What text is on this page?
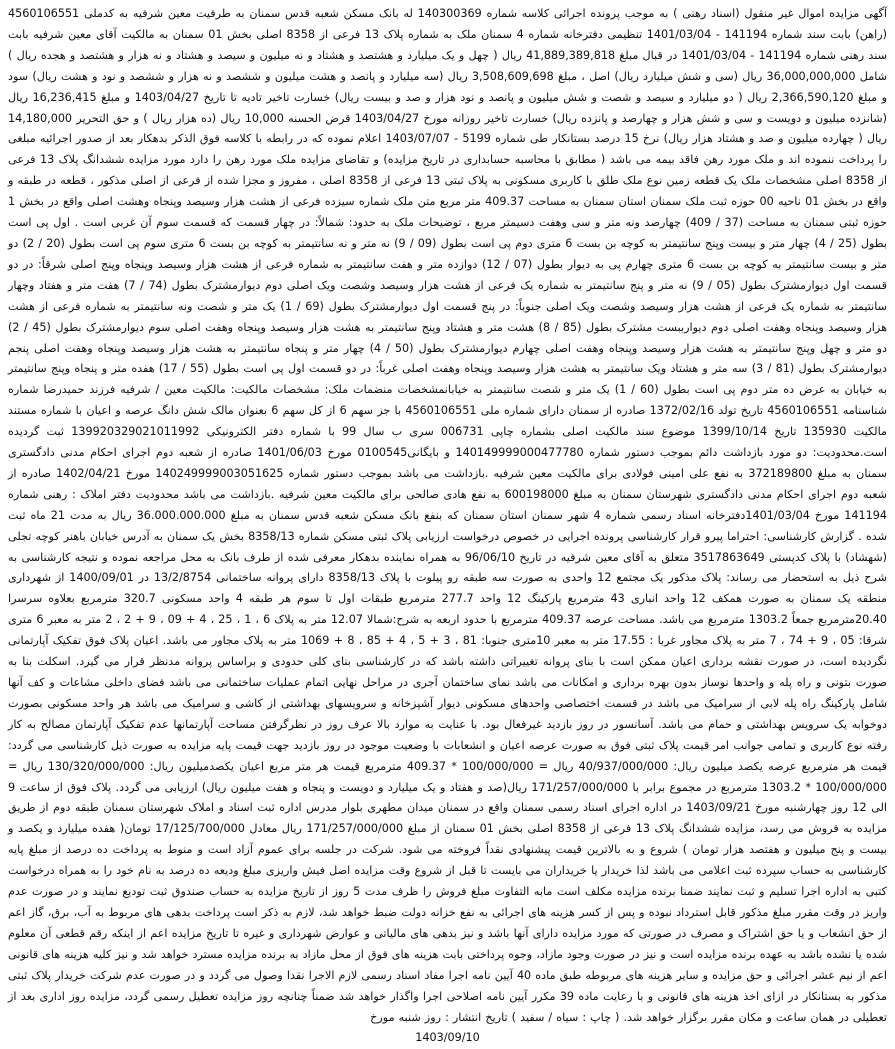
آگهی مزایده اموال غیر منقول (اسناد رهنی ) به موجب پرونده اجرائی کلاسه شماره 140300369 له بانک مسکن شعبه قدس سمنان به طرفیت معین شرفیه به کدملی 4560106551 (راهن) بابت سند شماره 141194 - 1401/03/04 تنظیمی دفترخانه شماره 4 سمنان ملک به شماره پلاک 13 فرعی از 8358 اصلی بخش 01 سمنان به مالکیت آقای معین شرفیه بابت سند رهنی شماره 141194 - 1401/03/04 در قبال مبلغ 41,889,389,818 ریال ( چهل و یک میلیارد و هشتصد و هشتاد و نه میلیون و سیصد و هشتاد و نه هزار و هشتصد و هجده ریال ) شامل 36,000,000,000 ریال (سی و شش میلیارد ریال) اصل ، مبلغ 3,508,609,698 ریال (سه میلیارد و پانصد و هشت میلیون و ششصد و نه هزار و ششصد و نود و هشت ریال) سود و مبلغ 2,366,590,120 ریال ( دو میلیارد و سیصد و شصت و شش میلیون و پانصد و نود هزار و صد و بیست ریال) خسارت تاخیر تادیه تا تاریخ 1403/04/27 و مبلغ 16,236,415 ریال (شانزده میلیون و دویست و سی و شش هزار و چهارصد و پانزده ریال) خسارت تاخیر روزانه مورخ 1403/04/27 قرض الحسنه 10,000 ریال (ده هزار ریال ) و حق التحریر 14,180,000 ریال ( چهارده میلیون و صد و هشتاد هزار ریال) نرخ 15 درصد بستانکار طی شماره 5199 - 1403/07/07 اعلام نموده که در رابطه با کلاسه فوق الذکر بدهکار بعد از صدور اجرائیه مبلغی را پرداخت ننموده اند و ملک مورد رهن فاقد بیمه می باشد ( مطابق با محاسبه حسابداری در تاریخ مزایده) و تقاضای مزایده ملک مورد رهن را دارد مورد مزایده ششدانگ پلاک 13 فرعی از 8358 اصلی مشخصات ملک یک قطعه زمین نوع ملک طلق با کاربری مسکونی به پلاک ثبتی 13 فرعی از 8358 اصلی ، مفروز و مجزا شده از فرعی از اصلی مذکور ، قطعه در طبقه و واقع در بخش 01 ناحیه 00 حوزه ثبت ملک سمنان استان سمنان به مساحت 409.37 متر مربع متن ملک شماره سیزده فرعی از هشت هزار وسیصد وپنجاه وهشت اصلی واقع در بخش 1 حوزه ثبتی سمنان به مساحت (37 / 409) چهارصد ونه متر و سی وهفت دسیمتر مربع ، توضیحات ملک به حدود: شمالاً: در چهار قسمت که قسمت سوم آن غربی است . اول پی است بطول (25 / 4) چهار متر و بیست وپنج سانتیمتر به کوچه بن بست 6 متری دوم پی است بطول (09 / 9) نه متر و نه سانتیمتر به کوچه بن بست 6 متری سوم پی است بطول (20 / 2) دو متر و بیست سانتیمتر به کوچه بن بست 6 متری چهارم پی به دیوار بطول (07 / 12) دوازده متر و هفت سانتیمتر به شماره فرعی از هشت هزار وسیصد وپنجاه وپنج اصلی شرقاً: در دو قسمت اول دیوارمشترک بطول (05 / 9) نه متر و پنج سانتیمتر به شماره یک فرعی از هشت هزار وسیصد وشصت ویک اصلی دوم دیوارمشترک بطول (74 / 7) هفت متر و هفتاد وچهار سانتیمتر به شماره یک فرعی از هشت هزار وسیصد وشصت ویک اصلی جنوباً: در پنج قسمت اول دیوارمشترک بطول (69 / 1) یک متر و شصت ونه سانتیمتر به شماره فرعی از هشت هزار وسیصد وپنجاه وهفت اصلی دوم دیوارببست مشترک بطول (85 / 8) هشت متر و هشتاد وپنج سانتیمتر به هشت هزار وسیصد وپنجاه وهفت اصلی سوم دیوارمشترک بطول (45 / 2) دو متر و چهل وپنج سانتیمتر به هشت هزار وسیصد وپنجاه وهفت اصلی چهارم دیوارمشترک بطول (50 / 4) چهار متر و پنجاه سانتیمتر به هشت هزار وسیصد وپنجاه وهفت اصلی پنجم دیوارمشترک بطول (81 / 3) سه متر و هشتاد ویک سانتیمتر به هشت هزار وسیصد وپنجاه وهفت اصلی غرباً: در دو قسمت اول پی است بطول (55 / 17) هفده متر و پنجاه وپنج سانتیمتر به خیابان به عرض ده متر دوم پی است بطول (60 / 1) یک متر و شصت سانتیمتر به خیابانمشخصات منضمات ملک: مشخصات مالکیت: مالکیت معین / شرفیه فرزند حمیدرضا شماره شناسنامه 4560106551 تاریخ تولد 1372/02/16 صادره از سمنان دارای شماره ملی 4560106551 با جز سهم 6 از کل سهم 6 بعنوان مالک شش دانگ عرصه و اعیان با شماره مستند مالکیت 135930 تاریخ 1399/10/14 موضوع سند مالکیت اصلی بشماره چاپی 006731 سری ب سال 99 با شماره دفتر الکترونیکی 139920329021011992 ثبت گردیده است.محدودیت: دو مورد بازداشت دائم بموجب دستور شماره 140149999000477780 و بایگانی0100545 مورخ 1401/06/03 صادره از شعبه دوم اجرای احکام مدنی دادگستری سمنان به مبلغ 372189800 به نفع علی امینی فولادی برای مالکیت معین شرفیه .بازداشت می باشد بموجب دستور شماره 140249999003051625 مورخ 1402/04/21 صادره از شعبه دوم اجرای احکام مدنی دادگستری شهرستان سمنان به مبلغ 600198000 به نفع هادی صالحی برای مالکیت معین شرفیه .بازداشت می باشد محدودیت دفتر املاک : رهنی شماره 141194 مورخ 1401/03/04دفترخانه اسناد رسمی شماره 4 شهر سمنان استان سمنان که بنفع بانک مسکن شعبه قدس سمنان به مبلغ 36.000.000.000 ریال به مدت 21 ماه ثبت شده . گزارش کارشناسی: احتراما پیرو قرار کارشناسی پرونده اجرایی در خصوص درخواست ارزیابی پلاک ثبتی مسکن شماره 8358/13 بخش یک سمنان به آدرس خیابان باهنر کوچه تجلی (شهشاد) با پلاک کدپستی 3517863649 متعلق به آقای معین شرفیه در تاریخ 96/06/10 به همراه نماینده بدهکار معرفی شده از طرف بانک به محل مراجعه نموده و نتیجه کارشناسی به شرح ذیل به استحضار می رساند: پلاک مذکور یک مجتمع 12 واحدی به صورت سه طبقه رو پیلوت با پلاک 8358/13 دارای پروانه ساختمانی 13/2/8754 در 1400/09/01 از شهرداری منطقه یک سمنان به صورت همکف 12 واحد انباری 43 مترمربع پارکینگ 12 واحد 277.7 مترمربع طبقات اول تا سوم هر طبقه 4 واحد مسکونی 320.7 مترمربع بعلاوه سرسرا 20.40مترمربع جمعاً 1303.2 مترمربع می باشد. مساحت عرصه 409.37 مترمربع با حدود اربعه به شرح:شمالا 12.07 متر به پلاک 6 ، 1 ، 25 ، 4 + 09 ، 9 + 2 ، 2 متر به معبر 6 متری شرقا: 05 ، 9 + 74 ، 7 متر به پلاک مجاور غربا : 17.55 متر به معبر 10متری جنوبا: 81 ، 3 + 5 ، 4 + 85 ، 8 + 1069 متر به پلاک مجاور می باشد. اعیان پلاک فوق تفکیک آپارتمانی نگردیده است، در صورت نقشه برداری اعیان ممکن است با بنای پروانه تغییراتی داشته باشد که در کارشناسی بنای کلی حدودی و براساس پروانه مدنظر قرار می گیرد. اسکلت بنا به صورت بتونی و راه پله و واحدها نوساز بدون بهره برداری و امکانات می باشد نمای ساختمان آجری در مراحل نهایی اتمام عملیات ساختمانی می باشد فضای داخلی مشاعات و کف آنها شامل پارکینگ راه پله لابی از سرامیک می باشد در قسمت اختصاصی واحدهای مسکونی دیوار آشپزخانه و سرویسهای بهداشتی از کاشی و سرامیک می باشد هر واحد مسکونی بصورت دوخوابه یک سرویس بهداشتی و حمام می باشد. آسانسور در روز بازدید غیرفعال بود. با عنایت به موارد بالا عرف روز در نظرگرفتن مساحت آپارتمانها عدم تفکیک آپارتمان مصالح به کار رفته نوع کاربری و تمامی جوانب امر قیمت پلاک ثبتی فوق به صورت عرصه اعیان و انشعابات با وضعیت موجود در روز بازدید جهت قیمت پایه مزایده به صورت ذیل کارشناسی می گردد: قیمت هر مترمربع عرصه یکصد میلیون ریال: 40/937/000/000 ریال = 100/000/000 * 409.37 مترمربع قیمت هر متر مربع اعیان یکصدمیلیون ریال: 130/320/000/000 ریال = 100/000/000 * 1303.2 مترمربع در مجموع برابر با 171/257/000/000 ریال(صد و هفتاد و یک میلیارد و دویست و پنجاه و هفت میلیون ریال) ارزیابی می گردد. پلاک فوق از ساعت 9 الی 12 روز چهارشنبه مورخ 1403/09/21 در اداره اجرای اسناد رسمی سمنان واقع در سمنان میدان مطهری بلوار مدرس اداره ثبت اسناد و املاک شهرستان سمنان طبقه دوم از طریق مزایده به فروش می رسد، مزایده ششدانگ پلاک 13 فرعی از 8358 اصلی بخش 01 سمنان از مبلغ 171/257/000/000 ریال معادل 17/125/700/000 تومان( هفده میلیارد و یکصد و بیست و پنج میلیون و هفتصد هزار تومان ) شروع و به بالاترین قیمت پیشنهادی نقداً فروخته می شود. شرکت در جلسه برای عموم آزاد است و منوط به پرداخت ده درصد از مبلغ پایه کارشناسی به حساب سپرده ثبت اعلامی می باشد لذا خریدار یا خریداران می بایست تا قبل از شروع وقت مزایده اصل فیش واریزی مبلغ ودیعه ده درصد به نام خود را به همراه درخواست کتبی به اداره اجرا تسلیم و ثبت نمایند ضمنا برنده مزایده مکلف است مابه التفاوت مبلغ فروش را ظرف مدت 5 روز از تاریخ مزایده به حساب صندوق ثبت تودیع نمایند و در صورت عدم واریز در وقت مقرر مبلغ مذکور قابل استرداد نبوده و پس از کسر هزینه های اجرائی به نفع خزانه دولت ضبط خواهد شد، لازم به ذکر است پرداخت بدهی های مربوط به آب، برق، گاز اعم از حق انشعاب و یا حق اشتراک و مصرف در صورتی که مورد مزایده دارای آنها باشد و نیز بدهی های مالیاتی و عوارض شهرداری و غیره تا تاریخ مزایده اعم از اینکه رقم قطعی آن معلوم شده یا نشده باشد به عهده برنده مزایده است و نیز در صورت وجود مازاد، وجوه پرداختی بابت هزینه های فوق از محل مازاد به برنده مزایده مسترد خواهد شد و نیز کلیه هزینه های قانونی اعم از نیم عشر اجرائی و حق مزایده و سایر هزینه های مربوطه طبق ماده 40 آیین نامه اجرا مفاد اسناد رسمی لازم الاجرا نقدا وصول می گردد و در صورت عدم شرکت خریدار پلاک ثبتی مذکور به بستانکار در ازای اخذ هزینه های قانونی و با رعایت ماده 39 مکرر آیین نامه اصلاحی اجرا واگذار خواهد شد ضمناً چنانچه روز مزایده تعطیل رسمی گردد، مزایده روز اداری بعد از تعطیلی در همان ساعت و مکان مقرر برگزار خواهد شد. ( چاپ : سیاه / سفید ) تاریخ انتشار : روز شنبه مورخ

1403/09/10
